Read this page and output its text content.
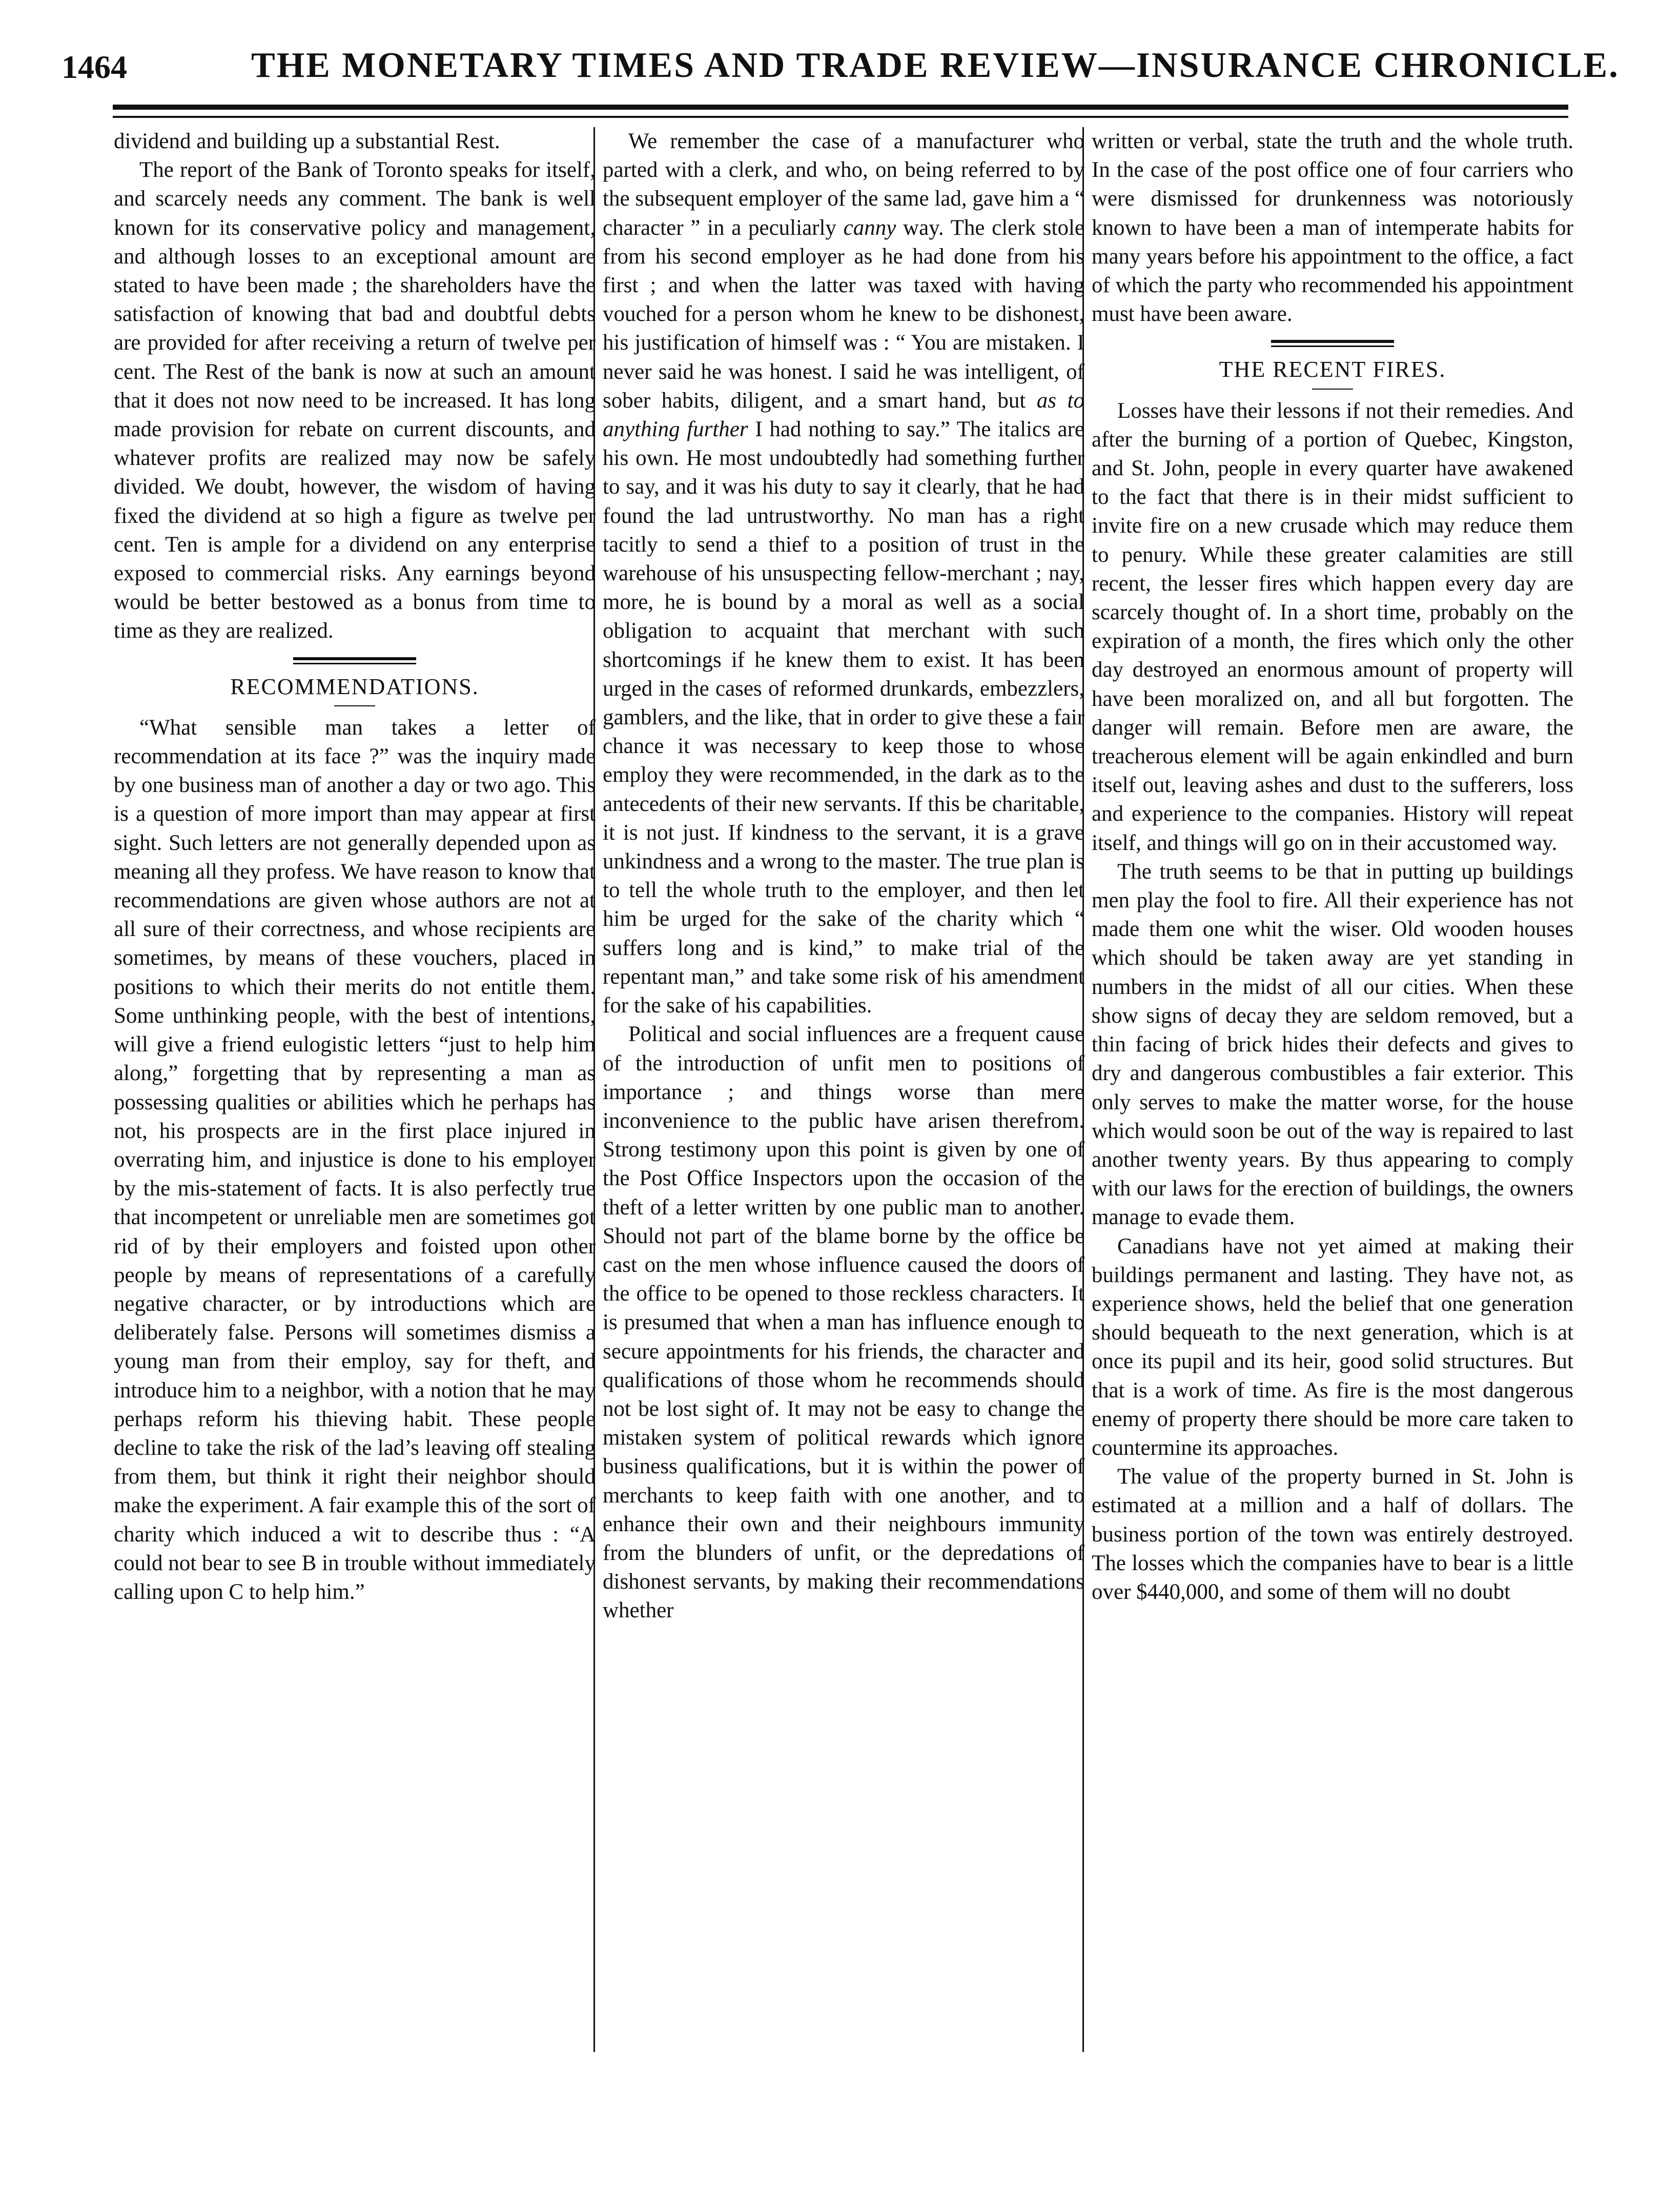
1464	THE MONETARY TIMES AND TRADE REVIEW—INSURANCE CHRONICLE.

dividend and building up a substantial Rest.

The report of the Bank of Toronto speaks for itself, and scarcely needs any comment. The bank is well known for its conservative policy and management, and although losses to an exceptional amount are stated to have been made ; the shareholders have the satisfaction of knowing that bad and doubtful debts are provided for after receiving a return of twelve per cent. The Rest of the bank is now at such an amount that it does not now need to be increased. It has long made provision for rebate on current discounts, and whatever profits are realized may now be safely divided. We doubt, however, the wisdom of having fixed the dividend at so high a figure as twelve per cent. Ten is ample for a dividend on any enterprise exposed to commercial risks. Any earnings beyond would be better bestowed as a bonus from time to time as they are realized.

RECOMMENDATIONS.

“What sensible man takes a letter of recommendation at its face ?” was the inquiry made by one business man of another a day or two ago. This is a question of more import than may appear at first sight. Such letters are not generally depended upon as meaning all they profess. We have reason to know that recommendations are given whose authors are not at all sure of their correctness, and whose recipients are sometimes, by means of these vouchers, placed in positions to which their merits do not entitle them. Some unthinking people, with the best of intentions, will give a friend eulogistic letters “just to help him along,” forgetting that by representing a man as possessing qualities or abilities which he perhaps has not, his prospects are in the first place injured in overrating him, and injustice is done to his employer by the mis-statement of facts. It is also perfectly true that incompetent or unreliable men are sometimes got rid of by their employers and foisted upon other people by means of representations of a carefully negative character, or by introductions which are deliberately false. Persons will sometimes dismiss a young man from their employ, say for theft, and introduce him to a neighbor, with a notion that he may perhaps reform his thieving habit. These people decline to take the risk of the lad’s leaving off stealing from them, but think it right their neighbor should make the experiment. A fair example this of the sort of charity which induced a wit to describe thus : “A could not bear to see B in trouble without immediately calling upon C to help him.”

We remember the case of a manufacturer who parted with a clerk, and who, on being referred to by the subsequent employer of the same lad, gave him a “ character ” in a peculiarly canny way. The clerk stole from his second employer as he had done from his first ; and when the latter was taxed with having vouched for a person whom he knew to be dishonest, his justification of himself was : “ You are mistaken. I never said he was honest. I said he was intelligent, of sober habits, diligent, and a smart hand, but as to anything further I had nothing to say.” The italics are his own. He most undoubtedly had something further to say, and it was his duty to say it clearly, that he had found the lad untrustworthy. No man has a right tacitly to send a thief to a position of trust in the warehouse of his unsuspecting fellow-merchant ; nay, more, he is bound by a moral as well as a social obligation to acquaint that merchant with such shortcomings if he knew them to exist. It has been urged in the cases of reformed drunkards, embezzlers, gamblers, and the like, that in order to give these a fair chance it was necessary to keep those to whose employ they were recommended, in the dark as to the antecedents of their new servants. If this be charitable, it is not just. If kindness to the servant, it is a grave unkindness and a wrong to the master. The true plan is to tell the whole truth to the employer, and then let him be urged for the sake of the charity which “ suffers long and is kind,” to make trial of the repentant man,” and take some risk of his amendment for the sake of his capabilities.

Political and social influences are a frequent cause of the introduction of unfit men to positions of importance ; and things worse than mere inconvenience to the public have arisen therefrom. Strong testimony upon this point is given by one of the Post Office Inspectors upon the occasion of the theft of a letter written by one public man to another. Should not part of the blame borne by the office be cast on the men whose influence caused the doors of the office to be opened to those reckless characters. It is presumed that when a man has influence enough to secure appointments for his friends, the character and qualifications of those whom he recommends should not be lost sight of. It may not be easy to change the mistaken system of political rewards which ignore business qualifications, but it is within the power of merchants to keep faith with one another, and to enhance their own and their neighbours immunity from the blunders of unfit, or the depredations of dishonest servants, by making their recommendations whether

written or verbal, state the truth and the whole truth. In the case of the post office one of four carriers who were dismissed for drunkenness was notoriously known to have been a man of intemperate habits for many years before his appointment to the office, a fact of which the party who recommended his appointment must have been aware.

THE RECENT FIRES.

Losses have their lessons if not their remedies. And after the burning of a portion of Quebec, Kingston, and St. John, people in every quarter have awakened to the fact that there is in their midst sufficient to invite fire on a new crusade which may reduce them to penury. While these greater calamities are still recent, the lesser fires which happen every day are scarcely thought of. In a short time, probably on the expiration of a month, the fires which only the other day destroyed an enormous amount of property will have been moralized on, and all but forgotten. The danger will remain. Before men are aware, the treacherous element will be again enkindled and burn itself out, leaving ashes and dust to the sufferers, loss and experience to the companies. History will repeat itself, and things will go on in their accustomed way.

The truth seems to be that in putting up buildings men play the fool to fire. All their experience has not made them one whit the wiser. Old wooden houses which should be taken away are yet standing in numbers in the midst of all our cities. When these show signs of decay they are seldom removed, but a thin facing of brick hides their defects and gives to dry and dangerous combustibles a fair exterior. This only serves to make the matter worse, for the house which would soon be out of the way is repaired to last another twenty years. By thus appearing to comply with our laws for the erection of buildings, the owners manage to evade them.

Canadians have not yet aimed at making their buildings permanent and lasting. They have not, as experience shows, held the belief that one generation should bequeath to the next generation, which is at once its pupil and its heir, good solid structures. But that is a work of time. As fire is the most dangerous enemy of property there should be more care taken to countermine its approaches.

The value of the property burned in St. John is estimated at a million and a half of dollars. The business portion of the town was entirely destroyed. The losses which the companies have to bear is a little over $440,000, and some of them will no doubt
